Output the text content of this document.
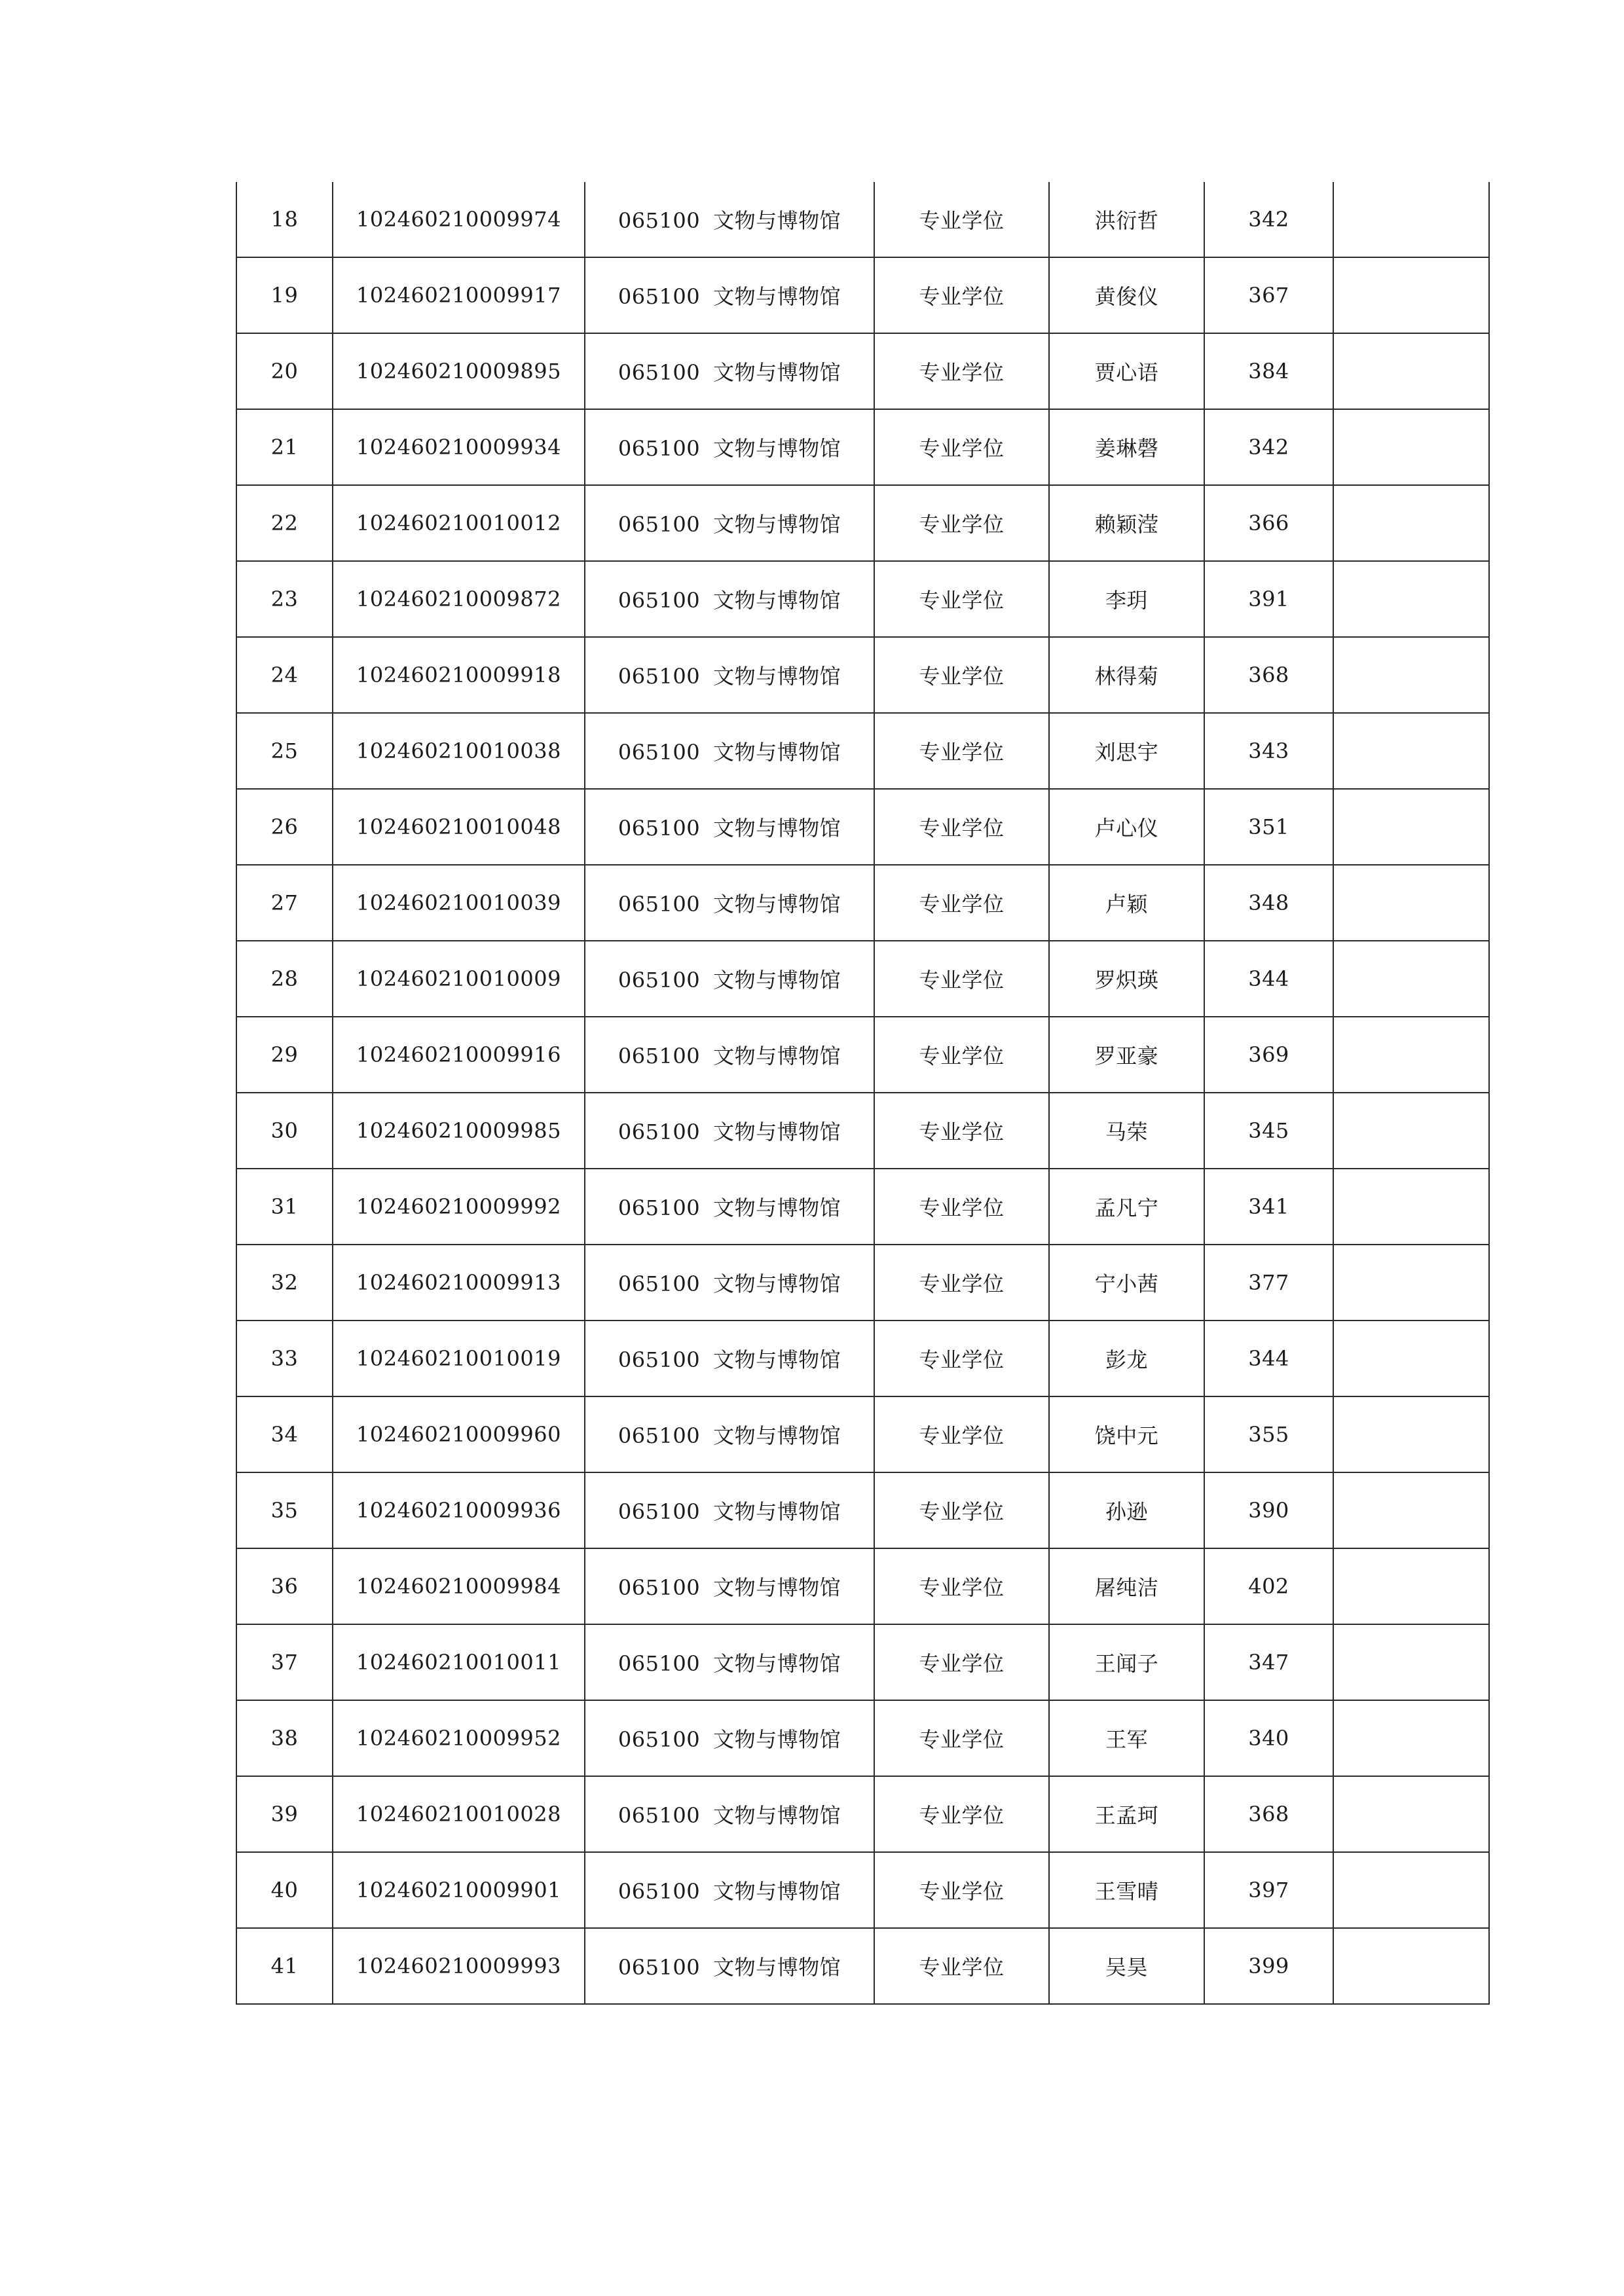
18	102460210009974	065100 文物与博物馆	专业学位	洪衍哲	342	
19	102460210009917	065100 文物与博物馆	专业学位	黄俊仪	367	
20	102460210009895	065100 文物与博物馆	专业学位	贾心语	384	
21	102460210009934	065100 文物与博物馆	专业学位	姜琳磬	342	
22	102460210010012	065100 文物与博物馆	专业学位	赖颖滢	366	
23	102460210009872	065100 文物与博物馆	专业学位	李玥	391	
24	102460210009918	065100 文物与博物馆	专业学位	林得菊	368	
25	102460210010038	065100 文物与博物馆	专业学位	刘思宇	343	
26	102460210010048	065100 文物与博物馆	专业学位	卢心仪	351	
27	102460210010039	065100 文物与博物馆	专业学位	卢颖	348	
28	102460210010009	065100 文物与博物馆	专业学位	罗炽瑛	344	
29	102460210009916	065100 文物与博物馆	专业学位	罗亚豪	369	
30	102460210009985	065100 文物与博物馆	专业学位	马荣	345	
31	102460210009992	065100 文物与博物馆	专业学位	孟凡宁	341	
32	102460210009913	065100 文物与博物馆	专业学位	宁小茜	377	
33	102460210010019	065100 文物与博物馆	专业学位	彭龙	344	
34	102460210009960	065100 文物与博物馆	专业学位	饶中元	355	
35	102460210009936	065100 文物与博物馆	专业学位	孙逊	390	
36	102460210009984	065100 文物与博物馆	专业学位	屠纯洁	402	
37	102460210010011	065100 文物与博物馆	专业学位	王闻子	347	
38	102460210009952	065100 文物与博物馆	专业学位	王军	340	
39	102460210010028	065100 文物与博物馆	专业学位	王孟珂	368	
40	102460210009901	065100 文物与博物馆	专业学位	王雪晴	397	
41	102460210009993	065100 文物与博物馆	专业学位	吴昊	399	
